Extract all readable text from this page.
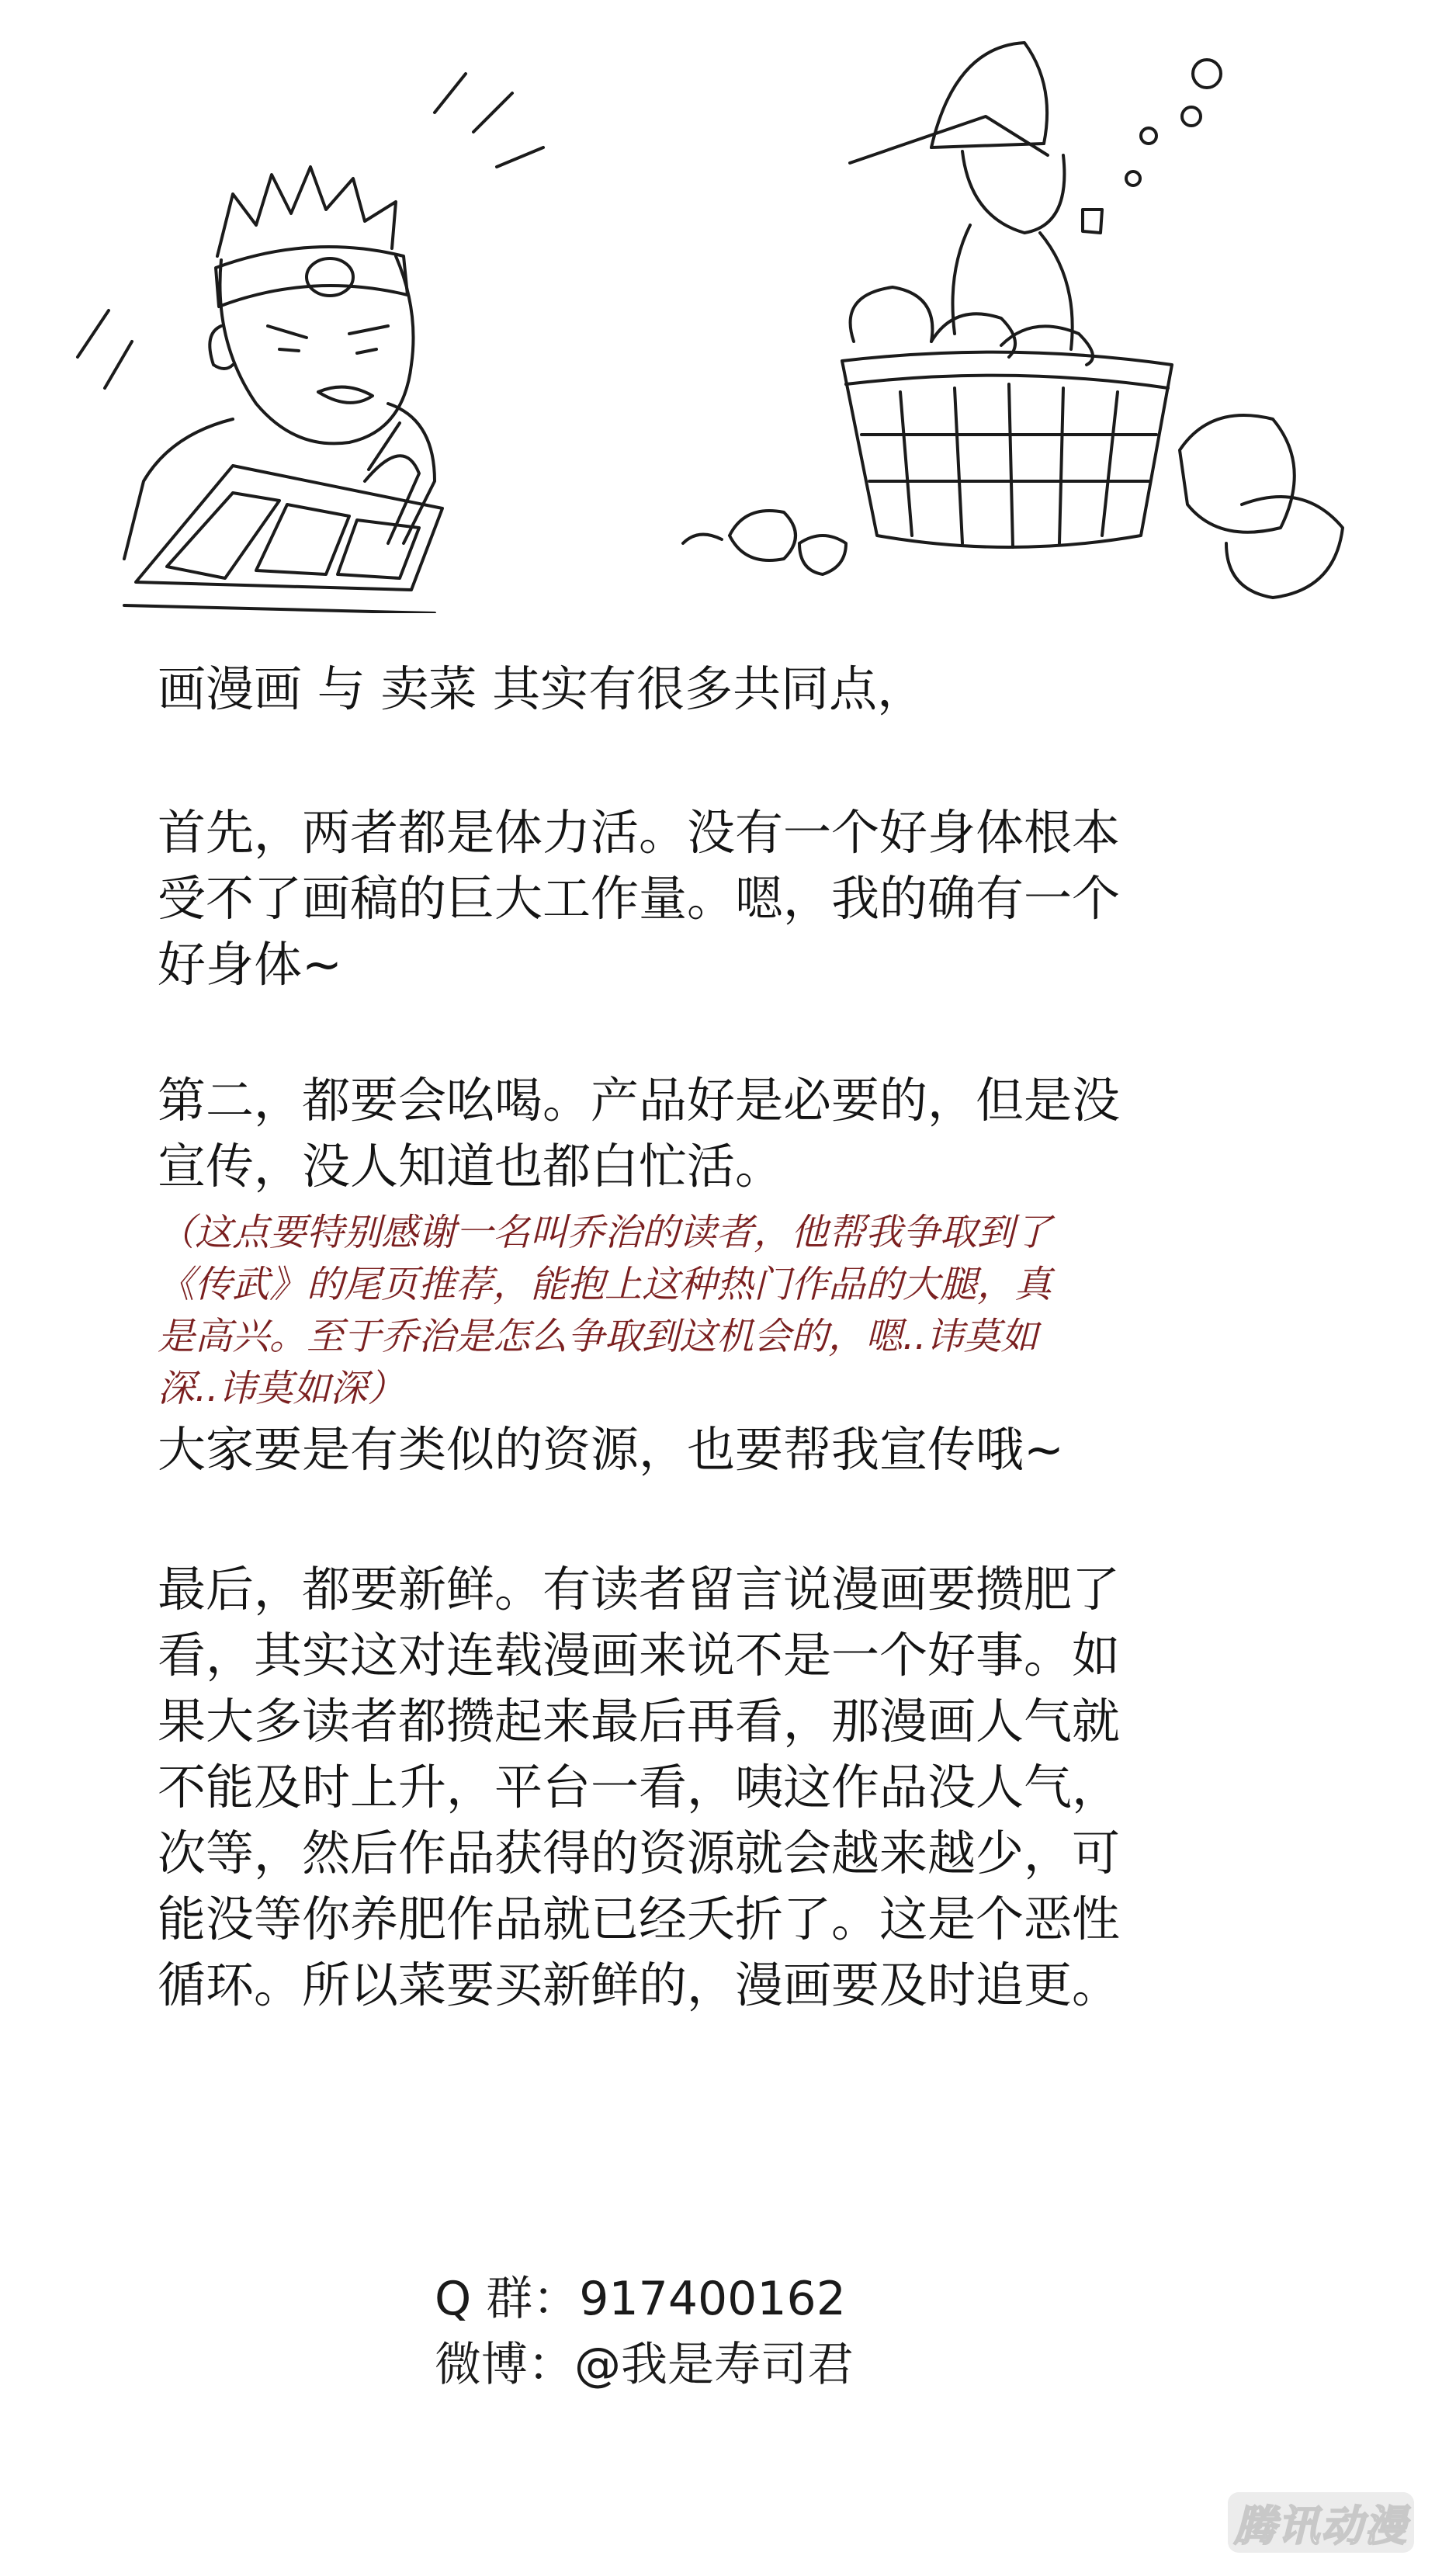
画漫画 与 卖菜 其实有很多共同点，
首先，两者都是体力活。没有一个好身体根本
受不了画稿的巨大工作量。嗯，我的确有一个
好身体~
第二，都要会吆喝。产品好是必要的，但是没
宣传，没人知道也都白忙活。
（这点要特别感谢一名叫乔治的读者，他帮我争取到了
《传武》的尾页推荐，能抱上这种热门作品的大腿，真
是高兴。至于乔治是怎么争取到这机会的，嗯..讳莫如
深..讳莫如深）
大家要是有类似的资源，也要帮我宣传哦~
最后，都要新鲜。有读者留言说漫画要攒肥了
看，其实这对连载漫画来说不是一个好事。如
果大多读者都攒起来最后再看，那漫画人气就
不能及时上升，平台一看，咦这作品没人气，
次等，然后作品获得的资源就会越来越少，可
能没等你养肥作品就已经夭折了。这是个恶性
循环。所以菜要买新鲜的，漫画要及时追更。
Q 群：917400162
微博：@我是寿司君
腾讯动漫
